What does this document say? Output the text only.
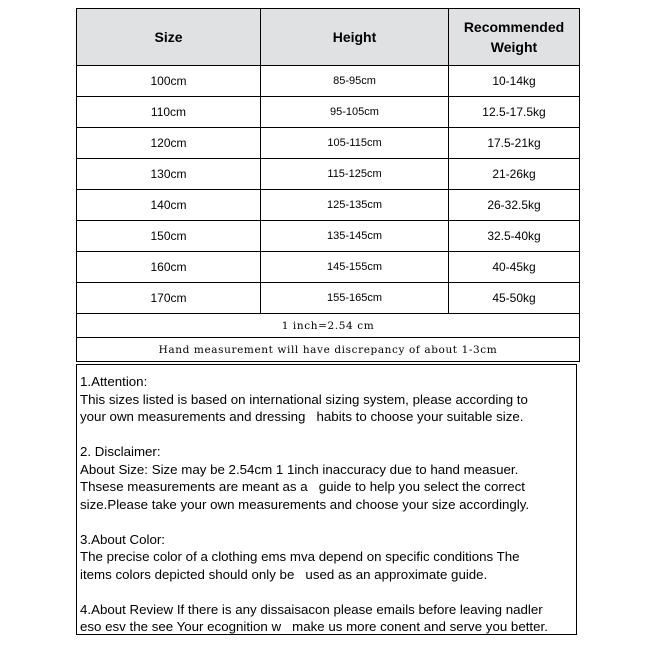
Size	Height	Recommended
Weight

100cm	85-95cm	10-14kg
110cm	95-105cm	12.5-17.5kg
120cm	105-115cm	17.5-21kg
130cm	115-125cm	21-26kg
140cm	125-135cm	26-32.5kg
150cm	135-145cm	32.5-40kg
160cm	145-155cm	40-45kg
170cm	155-165cm	45-50kg
1 inch=2.54 cm		
Hand measurement will have discrepancy of about 1-3cm		

1.Attention:
This sizes listed is based on international sizing system, please according to
your own measurements and dressing   habits to choose your suitable size.

2. Disclaimer:
About Size: Size may be 2.54cm 1 1inch inaccuracy due to hand measuer.
Thsese measurements are meant as a   guide to help you select the correct
size.Please take your own measurements and choose your size accordingly.

3.About Color:
The precise color of a clothing ems mva depend on specific conditions The
items colors depicted should only be   used as an approximate guide.

4.About Review If there is any dissaisacon please emails before leaving nadler
eso esv the see Your ecognition w   make us more conent and serve you better.
